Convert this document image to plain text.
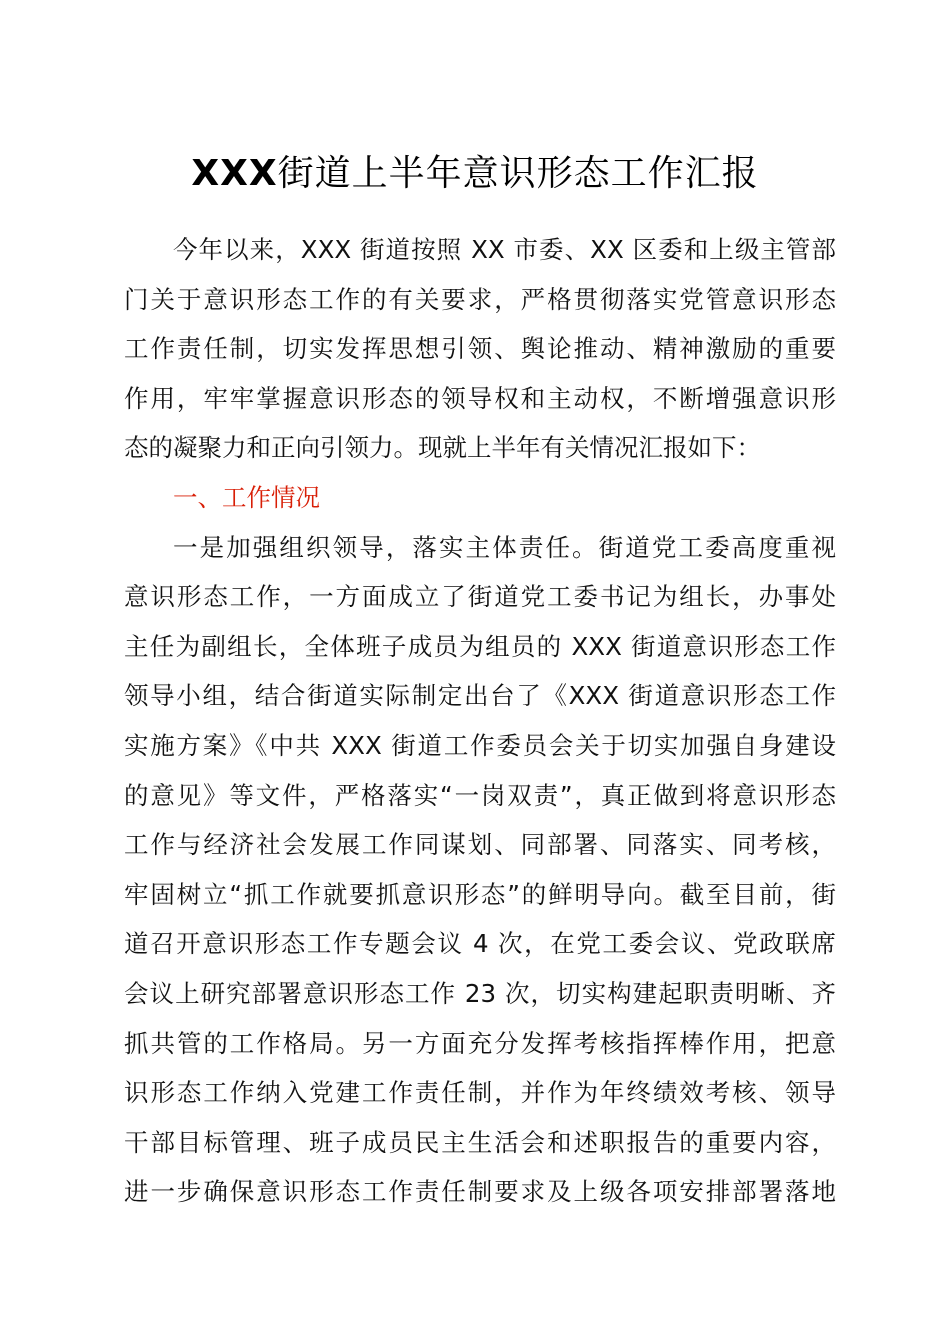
XXX街道上半年意识形态工作汇报
今年以来，XXX 街道按照 XX 市委、XX 区委和上级主管部
门关于意识形态工作的有关要求，严格贯彻落实党管意识形态
工作责任制，切实发挥思想引领、舆论推动、精神激励的重要
作用，牢牢掌握意识形态的领导权和主动权，不断增强意识形
态的凝聚力和正向引领力。现就上半年有关情况汇报如下：
一、工作情况
一是加强组织领导，落实主体责任。街道党工委高度重视
意识形态工作，一方面成立了街道党工委书记为组长，办事处
主任为副组长，全体班子成员为组员的 XXX 街道意识形态工作
领导小组，结合街道实际制定出台了《XXX 街道意识形态工作
实施方案》《中共 XXX 街道工作委员会关于切实加强自身建设
的意见》等文件，严格落实“一岗双责”，真正做到将意识形态
工作与经济社会发展工作同谋划、同部署、同落实、同考核，
牢固树立“抓工作就要抓意识形态”的鲜明导向。截至目前，街
道召开意识形态工作专题会议 4 次，在党工委会议、党政联席
会议上研究部署意识形态工作 23 次，切实构建起职责明晰、齐
抓共管的工作格局。另一方面充分发挥考核指挥棒作用，把意
识形态工作纳入党建工作责任制，并作为年终绩效考核、领导
干部目标管理、班子成员民主生活会和述职报告的重要内容，
进一步确保意识形态工作责任制要求及上级各项安排部署落地
